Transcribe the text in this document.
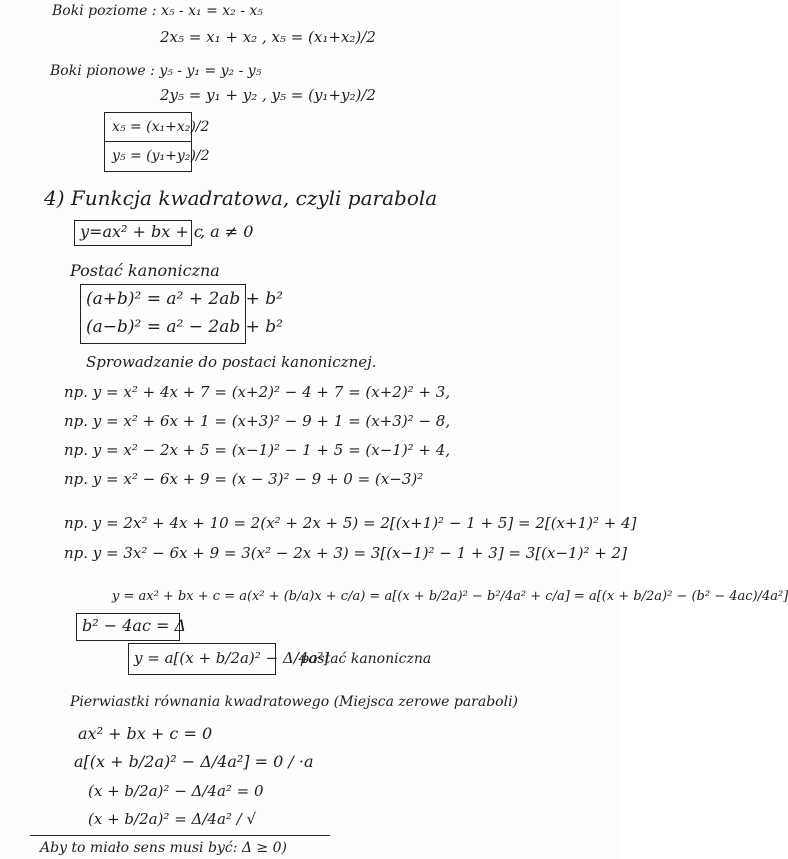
Boki poziome : x₅ - x₁ = x₂ - x₅
2x₅ = x₁ + x₂ , x₅ = (x₁+x₂)/2
Boki pionowe : y₅ - y₁ = y₂ - y₅
2y₅ = y₁ + y₂ , y₅ = (y₁+y₂)/2
x₅ = (x₁+x₂)/2
y₅ = (y₁+y₂)/2
4) Funkcja kwadratowa, czyli parabola
y=ax² + bx + c
, a ≠ 0
Postać kanoniczna
(a+b)² = a² + 2ab + b²
(a−b)² = a² − 2ab + b²
Sprowadzanie do postaci kanonicznej.
np. y = x² + 4x + 7 = (x+2)² − 4 + 7 = (x+2)² + 3,
np. y = x² + 6x + 1 = (x+3)² − 9 + 1 = (x+3)² − 8,
np. y = x² − 2x + 5 = (x−1)² − 1 + 5 = (x−1)² + 4,
np. y = x² − 6x + 9 = (x − 3)² − 9 + 0 = (x−3)²
np. y = 2x² + 4x + 10 = 2(x² + 2x + 5) = 2[(x+1)² − 1 + 5] = 2[(x+1)² + 4]
np. y = 3x² − 6x + 9 = 3(x² − 2x + 3) = 3[(x−1)² − 1 + 3] = 3[(x−1)² + 2]
y = ax² + bx + c = a(x² + (b/a)x + c/a) = a[(x + b/2a)² − b²/4a² + c/a] = a[(x + b/2a)² − (b² − 4ac)/4a²]
b² − 4ac = Δ
y = a[(x + b/2a)² − Δ/4a²]
postać kanoniczna
Pierwiastki równania kwadratowego (Miejsca zerowe paraboli)
ax² + bx + c = 0
a[(x + b/2a)² − Δ/4a²] = 0 / ·a
(x + b/2a)² − Δ/4a² = 0
(x + b/2a)² = Δ/4a² / √
Aby to miało sens musi być: Δ ≥ 0)
